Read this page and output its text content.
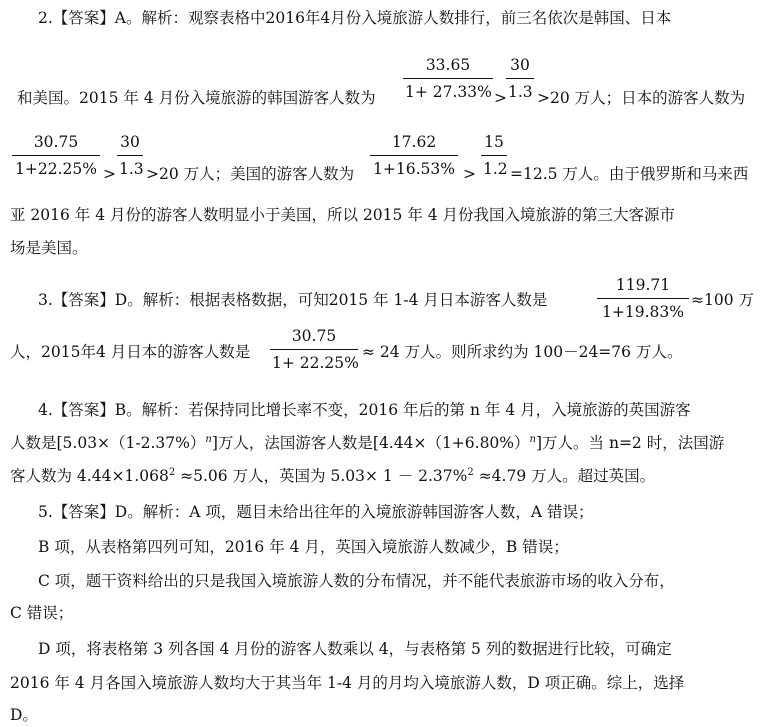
2.【答案】A。解析：观察表格中2016年4月份入境旅游人数排行，前三名依次是韩国、日本
$\frac{33.65}{1+ 27.33\%}$
和美国。2015 年 4 月份入境旅游的韩国游客人数为	> $\frac{30}{1.3} >20$ 万人；日本的游客人数为
$\frac{30.75}{1+22.25\%} > \frac{30}{1.3} >20$ 万人；美国的游客人数为 $\frac{17.62}{1+16.53\%} > \frac{15}{1.2} =12.5$ 万人。由于俄罗斯和马来西
亚 2016 年 4 月份的游客人数明显小于美国，所以 2015 年 4 月份我国入境旅游的第三大客源市
场是美国。
3.【答案】D。解析：根据表格数据，可知2015 年 1-4 月日本游客人数是	$\frac{119.71}{1+19.83\%} \approx 100$ 万
人，2015年4 月日本的游客人数是 $\frac{30.75}{1+ 22.25\%} \approx 24$ 万人。则所求约为 100－24=76 万人。
4.【答案】B。解析：若保持同比增长率不变，2016 年后的第 n 年 4 月，入境旅游的英国游客
人数是$[5.03\times(1-2.37\%)^n]$万人，法国游客人数是$[4.44\times(1+6.80\%)^n]$万人。当 n=2 时，法国游
客人数为 $4.44\times 1.068^2 \approx 5.06$ 万人，英国为 5.03× 1 － 2.37%$^2$ ≈4.79 万人。超过英国。
5.【答案】D。解析：A 项，题目未给出往年的入境旅游韩国游客人数，A 错误；
B 项，从表格第四列可知，2016 年 4 月，英国入境旅游人数减少，B 错误；
C 项，题干资料给出的只是我国入境旅游人数的分布情况，并不能代表旅游市场的收入分布，
C 错误；
D 项，将表格第 3 列各国 4 月份的游客人数乘以 4，与表格第 5 列的数据进行比较，可确定
2016 年 4 月各国入境旅游人数均大于其当年 1-4 月的月均入境旅游人数，D 项正确。综上，选择
D。
